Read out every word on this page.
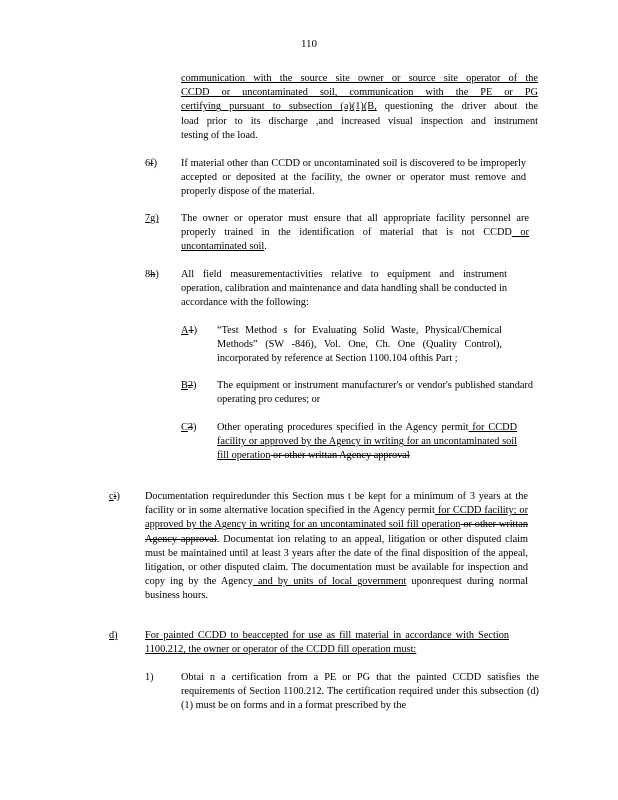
110
communication with the source site owner or source site operator of the
CCDD or uncontaminated soil, communication with the PE or PG
certifying pursuant to subsection (a)(1)(B, questioning the driver about the
load prior to its discharge ,and increased visual inspection and instrument
testing of the load.
6f) If material other than CCDD or uncontaminated soil is discovered to be improperly accepted or deposited at the facility, the owner or operator must remove and properly dispose of the material.
7g) The owner or operator must ensure that all appropriate facility personnel are properly trained in the identification of material that is not CCDD or uncontaminated soil.
8h) All field measurementactivities relative to equipment and instrument operation, calibration and maintenance and data handling shall be conducted in accordance with the following:
A1) “Test Method s for Evaluating Solid Waste, Physical/Chemical Methods” (SW -846), Vol. One, Ch. One (Quality Control), incorporated by reference at Section 1100.104 ofthis Part ;
B2) The equipment or instrument manufacturer's or vendor's published standard operating pro cedures; or
C3) Other operating procedures specified in the Agency permit for CCDD facility or approved by the Agency in writing for an uncontaminated soil fill operation or other writtan Agency approval
ci) Documentation requiredunder this Section mus t be kept for a minimum of 3 years at the facility or in some alternative location specified in the Agency permit for CCDD facility; or approved by the Agency in writing for an uncontaminated soil fill operation or other writtan Agency approval. Documentat ion relating to an appeal, litigation or other disputed claim must be maintained until at least 3 years after the date of the final disposition of the appeal, litigation, or other disputed claim. The documentation must be available for inspection and copy ing by the Agency and by units of local government uponrequest during normal business hours.
d)	For painted CCDD to beaccepted for use as fill material in accordance with Section 1100.212, the owner or operator of the CCDD fill operation must:
1)	Obtai n a certification from a PE or PG that the painted CCDD satisfies the requirements of Section 1100.212. The certification required under this subsection (d)(1) must be on forms and in a format prescribed by the
